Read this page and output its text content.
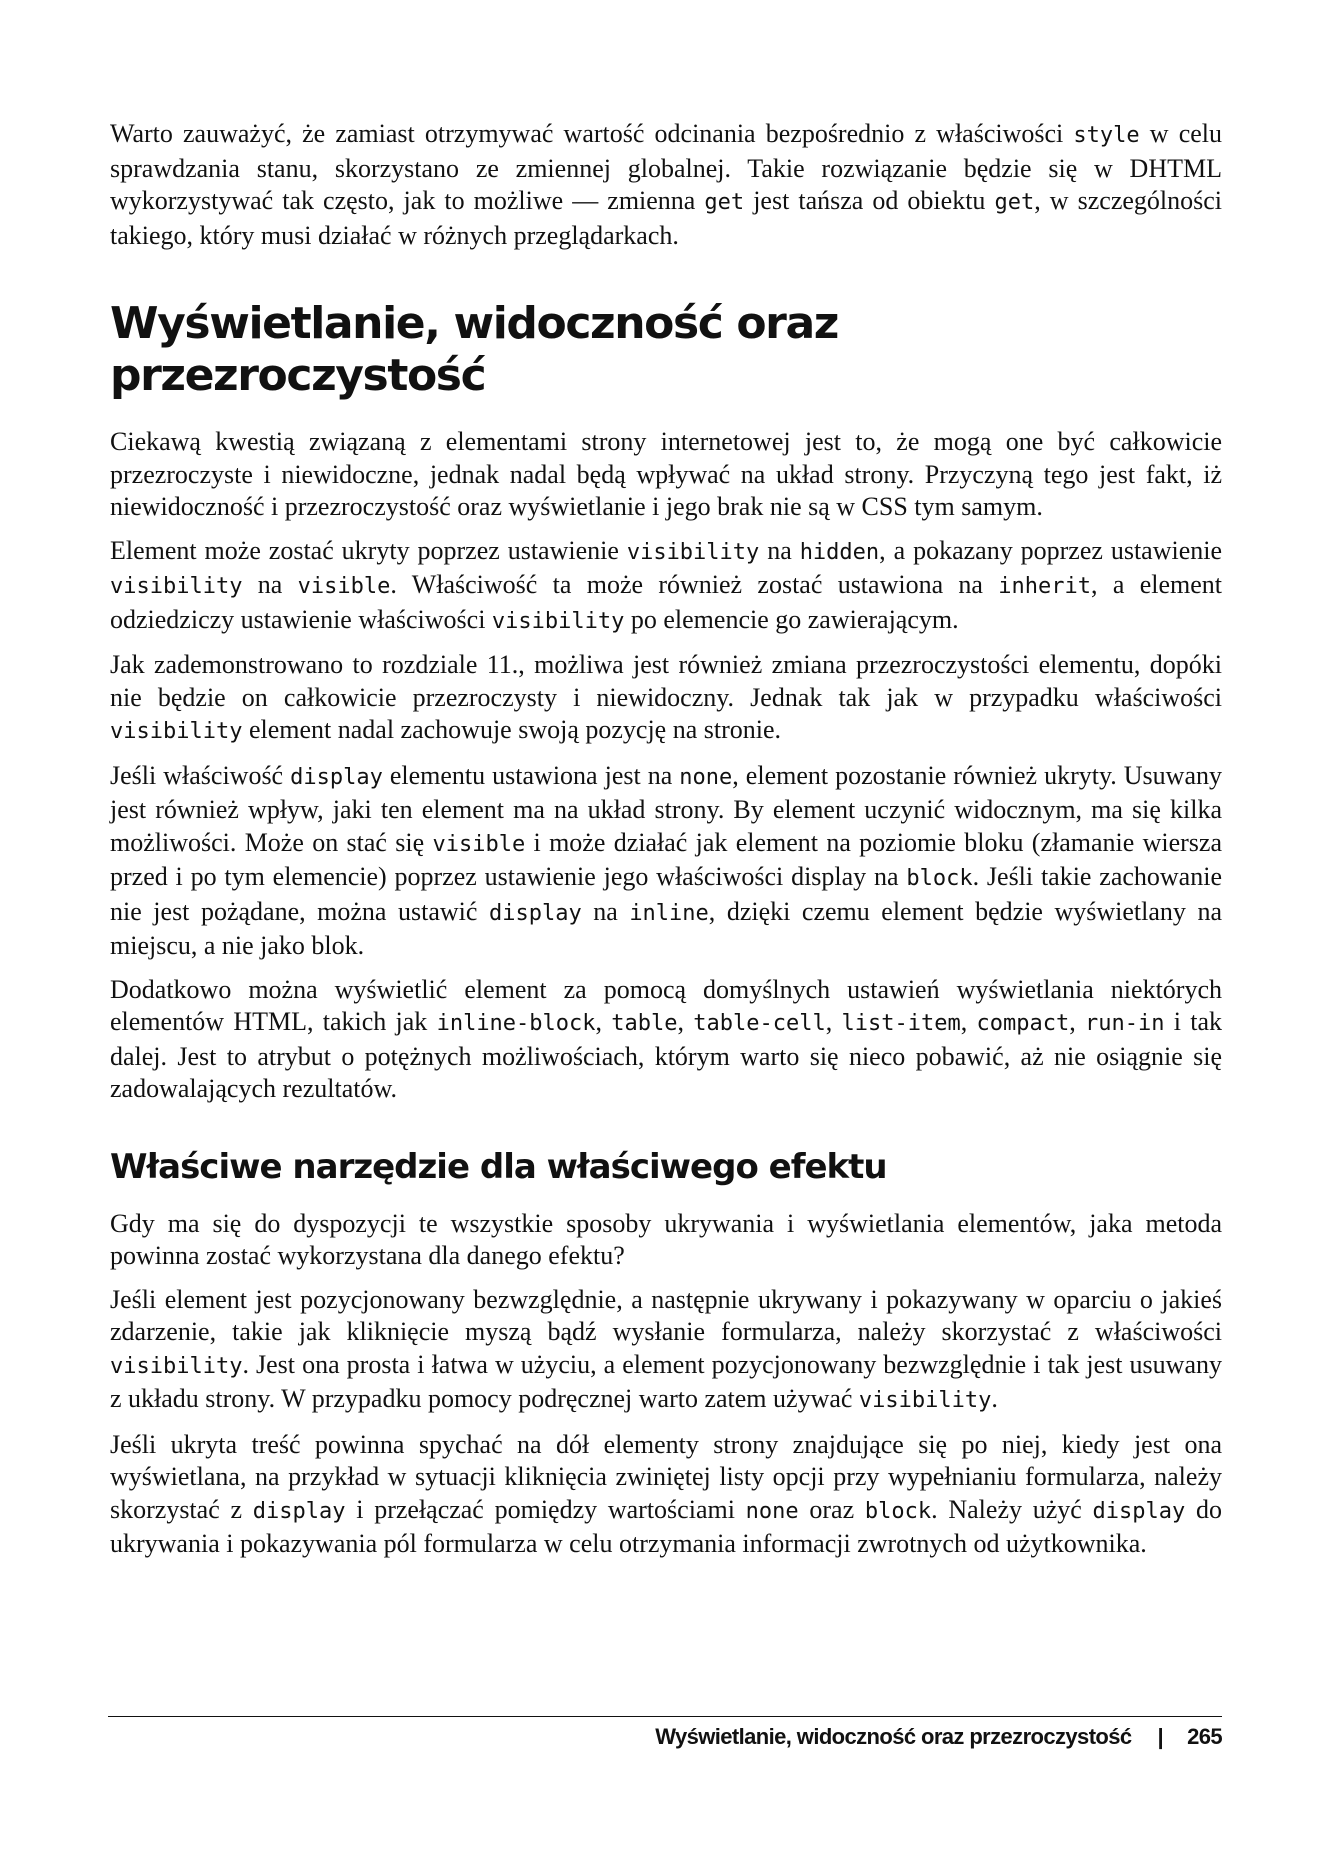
Warto zauważyć, że zamiast otrzymywać wartość odcinania bezpośrednio z właściwości style w celu sprawdzania stanu, skorzystano ze zmiennej globalnej. Takie rozwiązanie będzie się w DHTML wykorzystywać tak często, jak to możliwe — zmienna get jest tańsza od obiektu get, w szczególności takiego, który musi działać w różnych przeglądarkach.

Wyświetlanie, widoczność oraz przezroczystość

Ciekawą kwestią związaną z elementami strony internetowej jest to, że mogą one być całkowicie przezroczyste i niewidoczne, jednak nadal będą wpływać na układ strony. Przyczyną tego jest fakt, iż niewidoczność i przezroczystość oraz wyświetlanie i jego brak nie są w CSS tym samym.

Element może zostać ukryty poprzez ustawienie visibility na hidden, a pokazany poprzez ustawienie visibility na visible. Właściwość ta może również zostać ustawiona na inherit, a element odziedziczy ustawienie właściwości visibility po elemencie go zawierającym.

Jak zademonstrowano to rozdziale 11., możliwa jest również zmiana przezroczystości elementu, dopóki nie będzie on całkowicie przezroczysty i niewidoczny. Jednak tak jak w przypadku właściwości visibility element nadal zachowuje swoją pozycję na stronie.

Jeśli właściwość display elementu ustawiona jest na none, element pozostanie również ukryty. Usuwany jest również wpływ, jaki ten element ma na układ strony. By element uczynić widocznym, ma się kilka możliwości. Może on stać się visible i może działać jak element na poziomie bloku (złamanie wiersza przed i po tym elemencie) poprzez ustawienie jego właściwości display na block. Jeśli takie zachowanie nie jest pożądane, można ustawić display na inline, dzięki czemu element będzie wyświetlany na miejscu, a nie jako blok.

Dodatkowo można wyświetlić element za pomocą domyślnych ustawień wyświetlania niektórych elementów HTML, takich jak inline-block, table, table-cell, list-item, compact, run-in i tak dalej. Jest to atrybut o potężnych możliwościach, którym warto się nieco pobawić, aż nie osiągnie się zadowalających rezultatów.

Właściwe narzędzie dla właściwego efektu

Gdy ma się do dyspozycji te wszystkie sposoby ukrywania i wyświetlania elementów, jaka metoda powinna zostać wykorzystana dla danego efektu?

Jeśli element jest pozycjonowany bezwzględnie, a następnie ukrywany i pokazywany w oparciu o jakieś zdarzenie, takie jak kliknięcie myszą bądź wysłanie formularza, należy skorzystać z właściwości visibility. Jest ona prosta i łatwa w użyciu, a element pozycjonowany bezwzględnie i tak jest usuwany z układu strony. W przypadku pomocy podręcznej warto zatem używać visibility.

Jeśli ukryta treść powinna spychać na dół elementy strony znajdujące się po niej, kiedy jest ona wyświetlana, na przykład w sytuacji kliknięcia zwiniętej listy opcji przy wypełnianiu formularza, należy skorzystać z display i przełączać pomiędzy wartościami none oraz block. Należy użyć display do ukrywania i pokazywania pól formularza w celu otrzymania informacji zwrotnych od użytkownika.

Wyświetlanie, widoczność oraz przezroczystość | 265
